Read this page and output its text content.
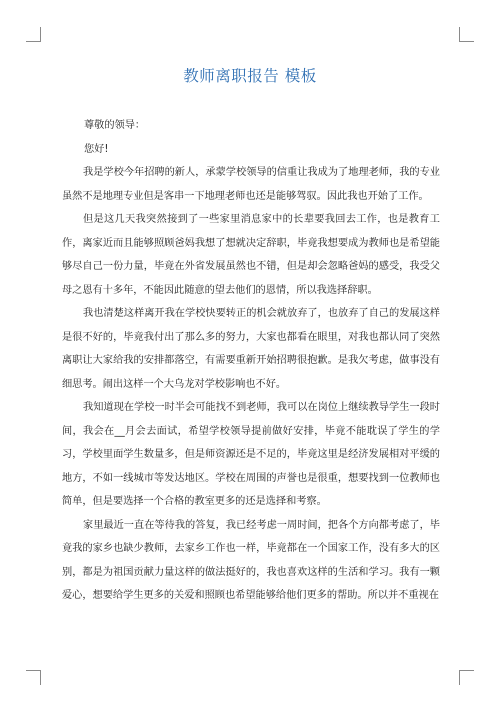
教师离职报告 模板

尊敬的领导：

您好!

我是学校今年招聘的新人，承蒙学校领导的信重让我成为了地理老师，我的专业虽然不是地理专业但是客串一下地理老师也还是能够驾驭。因此我也开始了工作。

但是这几天我突然接到了一些家里消息家中的长辈要我回去工作，也是教育工作，离家近而且能够照顾爸妈我想了想就决定辞职，毕竟我想要成为教师也是希望能够尽自己一份力量，毕竟在外省发展虽然也不错，但是却会忽略爸妈的感受，我受父母之恩有十多年，不能因此随意的望去他们的恩情，所以我选择辞职。

我也清楚这样离开我在学校快要转正的机会就放弃了，也放弃了自己的发展这样是很不好的，毕竟我付出了那么多的努力，大家也都看在眼里，对我也都认同了突然离职让大家给我的安排都落空，有需要重新开始招聘很抱歉。是我欠考虑，做事没有细思考。闹出这样一个大乌龙对学校影响也不好。

我知道现在学校一时半会可能找不到老师，我可以在岗位上继续教导学生一段时间，我会在__月会去面试，希望学校领导提前做好安排，毕竟不能耽误了学生的学习，学校里面学生数量多，但是师资源还是不足的，毕竟这里是经济发展相对平缓的地方，不如一线城市等发达地区。学校在周围的声誉也是很重，想要找到一位教师也简单，但是要选择一个合格的教室更多的还是选择和考察。

家里最近一直在等待我的答复，我已经考虑一周时间，把各个方向都考虑了，毕竟我的家乡也缺少教师，去家乡工作也一样，毕竟都在一个国家工作，没有多大的区别，都是为祖国贡献力量这样的做法挺好的，我也喜欢这样的生活和学习。我有一颗爱心，想要给学生更多的关爱和照顾也希望能够给他们更多的帮助。所以并不重视在
